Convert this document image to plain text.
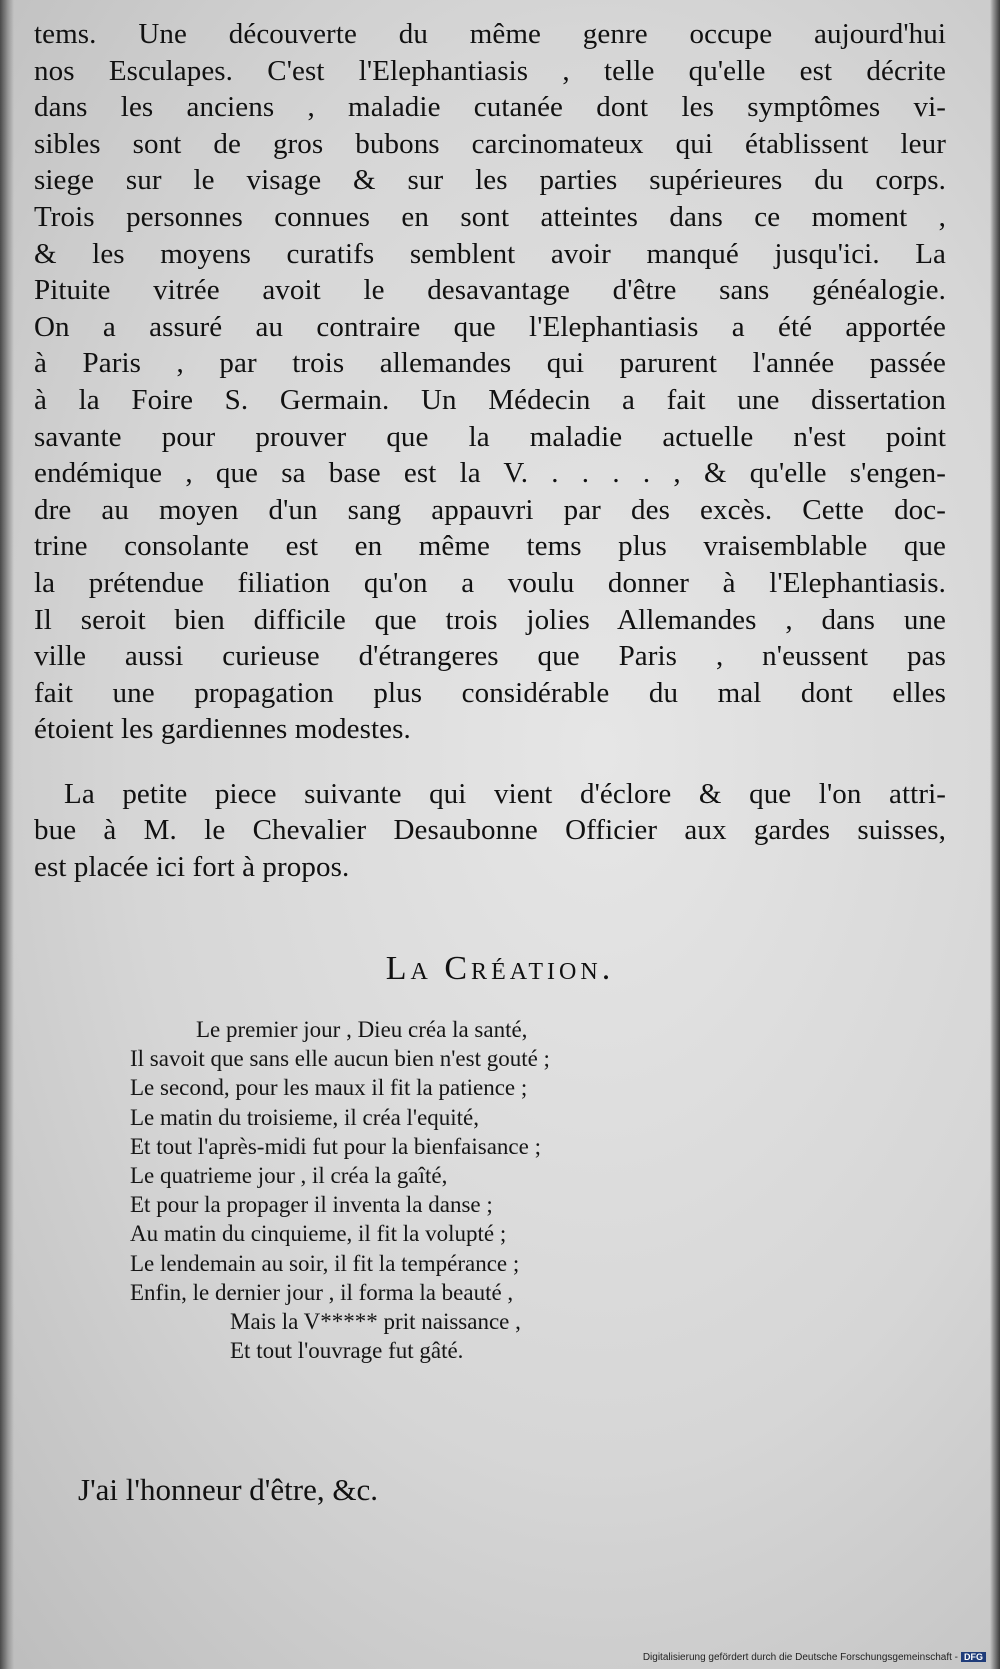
tems. Une découverte du même genre occupe aujourd'hui
nos Esculapes. C'est l'Elephantiasis , telle qu'elle est décrite
dans les anciens , maladie cutanée dont les symptômes vi-
sibles sont de gros bubons carcinomateux qui établissent leur
siege sur le visage & sur les parties supérieures du corps.
Trois personnes connues en sont atteintes dans ce moment ,
& les moyens curatifs semblent avoir manqué jusqu'ici. La
Pituite vitrée avoit le desavantage d'être sans généalogie.
On a assuré au contraire que l'Elephantiasis a été apportée
à Paris , par trois allemandes qui parurent l'année passée
à la Foire S. Germain. Un Médecin a fait une dissertation
savante pour prouver que la maladie actuelle n'est point
endémique , que sa base est la V. . . . . , & qu'elle s'engen-
dre au moyen d'un sang appauvri par des excès. Cette doc-
trine consolante est en même tems plus vraisemblable que
la prétendue filiation qu'on a voulu donner à l'Elephantiasis.
Il seroit bien difficile que trois jolies Allemandes , dans une
ville aussi curieuse d'étrangeres que Paris , n'eussent pas
fait une propagation plus considérable du mal dont elles
étoient les gardiennes modestes.
La petite piece suivante qui vient d'éclore & que l'on attri-
bue à M. le Chevalier Desaubonne Officier aux gardes suisses,
est placée ici fort à propos.
La Création.
Le premier jour , Dieu créa la santé,
Il savoit que sans elle aucun bien n'est gouté ;
Le second, pour les maux il fit la patience ;
Le matin du troisieme, il créa l'equité,
Et tout l'après-midi fut pour la bienfaisance ;
Le quatrieme jour , il créa la gaîté,
Et pour la propager il inventa la danse ;
Au matin du cinquieme, il fit la volupté ;
Le lendemain au soir, il fit la tempérance ;
Enfin, le dernier jour , il forma la beauté ,
Mais la V***** prit naissance ,
Et tout l'ouvrage fut gâté.
J'ai l'honneur d'être, &c.
Digitalisierung gefördert durch die Deutsche Forschungsgemeinschaft - DFG
